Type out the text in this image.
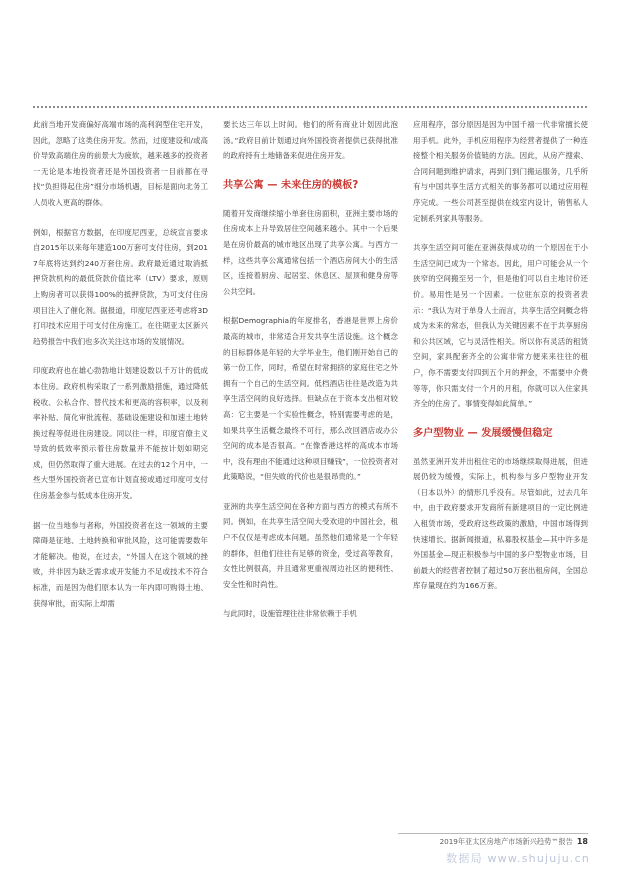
此前当地开发商偏好高端市场的高利润型住宅开发，因此，忽略了这类住房开发。然而，过度建设和/或高价导致高端住房的前景大为疲软，越来越多的投资者一无论是本地投资者还是外国投资者一目前都在寻找“负担得起住房”细分市场机遇，目标是面向北务工人员收入更高的群体。

例如，根据官方数据，在印度尼西亚，总统宣言要求自2015年以来每年建造100万套可支付住房，到2017年底将达到约240万套住房。政府最近通过取消抵押贷款机构的最低贷款价值比率（LTV）要求，原则上购房者可以获得100%的抵押贷款，为可支付住房项目注入了催化剂。据报道，印度尼西亚还考虑将3D打印技术应用于可支付住房施工。在往期亚太区新兴趋势报告中我们也多次关注这市场的发展情况。

印度政府也在雄心勃勃地计划建设数以千万计的低成本住房。政府机构采取了一系列激励措施，通过降低税收、公私合作、替代技术和更高的容积率，以及利率补贴、简化审批流程、基础设施建设和加速土地转换过程等促进住房建设。同以往一样，印度官僚主义导致的低效率预示着住房数量并不能按计划如期完成，但仍然取得了重大进展。在过去的12个月中，一些大型外国投资者已宣布计划直接或通过印度可支付住房基金参与低成本住房开发。

据一位当地参与者称，外国投资者在这一领域的主要障碍是征地、土地转换和审批风险，这可能需要数年才能解决。他说，在过去，“外国人在这个领域的挫败，并非因为缺乏需求或开发能力不足或技术不符合标准，而是因为他们原本认为一年内即可购得土地、获得审批，而实际上却需

要长达三年以上时间。他们的所有商业计划因此泡汤。”政府目前计划通过向外国投资者提供已获得批准的政府持有土地储备来促进住房开发。

共享公寓 — 未来住房的模板?

随着开发商继续缩小单套住房面积，亚洲主要市场的住房成本上升导致居住空间越来越小。其中一个后果是在房价最高的城市地区出现了共享公寓。与西方一样，这些共享公寓通常包括一个酒店房间大小的生活区，连接着厨房、起居室、休息区、屋顶和健身房等公共空间。

根据Demographia的年度排名，香港是世界上房价最高的城市，非常适合开发共享生活设施。这个概念的目标群体是年轻的大学毕业生，他们刚开始自己的第一份工作，同时，希望在时常拥挤的家庭住宅之外拥有一个自己的生活空间。低档酒店往往是改造为共享生活空间的良好选择。但缺点在于资本支出相对较高：它主要是一个实验性概念，特别需要考虑的是，如果共享生活概念最终不可行，那么改回酒店或办公空间的成本是否很高。“在像香港这样的高成本市场中，没有理由不能通过这种项目赚钱”，一位投资者对此策略说，“但失败的代价也是很昂贵的。”

亚洲的共享生活空间在各种方面与西方的模式有所不同。例如，在共享生活空间大受欢迎的中国社会，租户不仅仅是考虑成本问题。虽然他们通常是一个年轻的群体，但他们往往有足够的资金，受过高等教育，女性比例很高，并且通常更重视周边社区的便利性、安全性和时尚性。

与此同时，设施管理往往非常依赖于手机

应用程序，部分原因是因为中国千禧一代非常擅长使用手机。此外，手机应用程序为经营者提供了一种连接整个相关服务价值链的方法。因此，从房产搜索、合同问题到维护请求，再到门到门搬运服务，几乎所有与中国共享生活方式相关的事务都可以通过应用程序完成。一些公司甚至提供在线室内设计，销售私人定制系列家具等服务。

共享生活空间可能在亚洲获得成功的一个原因在于小生活空间已成为一个常态。因此，用户可能会从一个狭窄的空间搬至另一个，但是他们可以自主地讨价还价。易用性是另一个因素。一位驻东京的投资者表示：“我认为对于单身人士而言，共享生活空间概念将成为未来的常态，但我认为关键因素不在于共享厨房和公共区域，它与灵活性相关。所以你有灵活的租赁空间，家具配套齐全的公寓非常方便来来往往的租户，你不需要支付四到五个月的押金，不需要中介费等等，你只需支付一个月的月租，你就可以入住家具齐全的住房了。事情变得如此简单。”

多户型物业 — 发展缓慢但稳定

虽然亚洲开发并出租住宅的市场继续取得进展，但进展仍较为缓慢，实际上，机构参与多户型物业开发（日本以外）的情形几乎没有。尽管如此，过去几年中，由于政府要求开发商所有新建项目的一定比例进入租赁市场，受政府这些政策的激励，中国市场得到快速增长。据新闻报道，私募股权基金—其中许多是外国基金—现正积极参与中国的多户型物业市场，目前最大的经营者控制了超过50万套出租房间，全国总库存量现在约为166万套。

2019年亚太区房地产市场新兴趋势™报告 18
数据局 www.shujuju.cn
